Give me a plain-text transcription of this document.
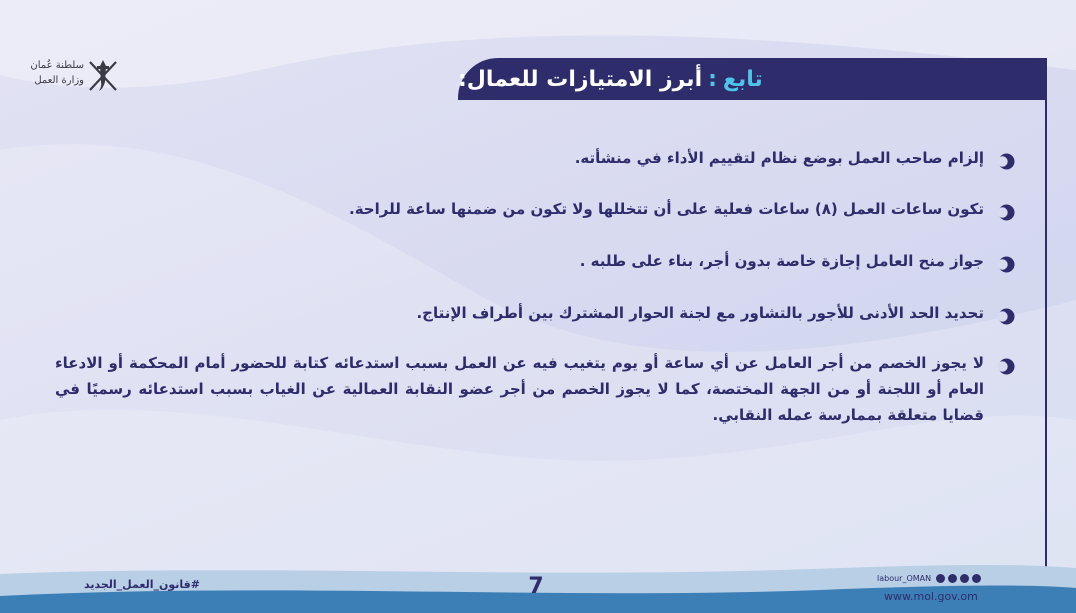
سلطنة عُمان
وزارة العمل	تابع
:
أبرز الامتيازات للعمال:
إلزام صاحب العمل بوضع نظام لتقييم الأداء في منشأته.
تكون ساعات العمل (٨) ساعات فعلية على أن تتخللها ولا تكون من ضمنها ساعة للراحة.
جواز منح العامل إجازة خاصة بدون أجر، بناء على طلبه .
تحديد الحد الأدنى للأجور بالتشاور مع لجنة الحوار المشترك بين أطراف الإنتاج.
لا يجوز الخصم من أجر العامل عن أي ساعة أو يوم يتغيب فيه عن العمل بسبب استدعائه كتابة للحضور أمام المحكمة أو الادعاء العام أو اللجنة أو من الجهة المختصة، كما لا يجوز الخصم من أجر عضو النقابة العمالية عن الغياب بسبب استدعائه رسميًا في قضايا متعلقة بممارسة عمله النقابي.
#قانون_العمل_الجديد	7	labour_OMAN
www.mol.gov.om
